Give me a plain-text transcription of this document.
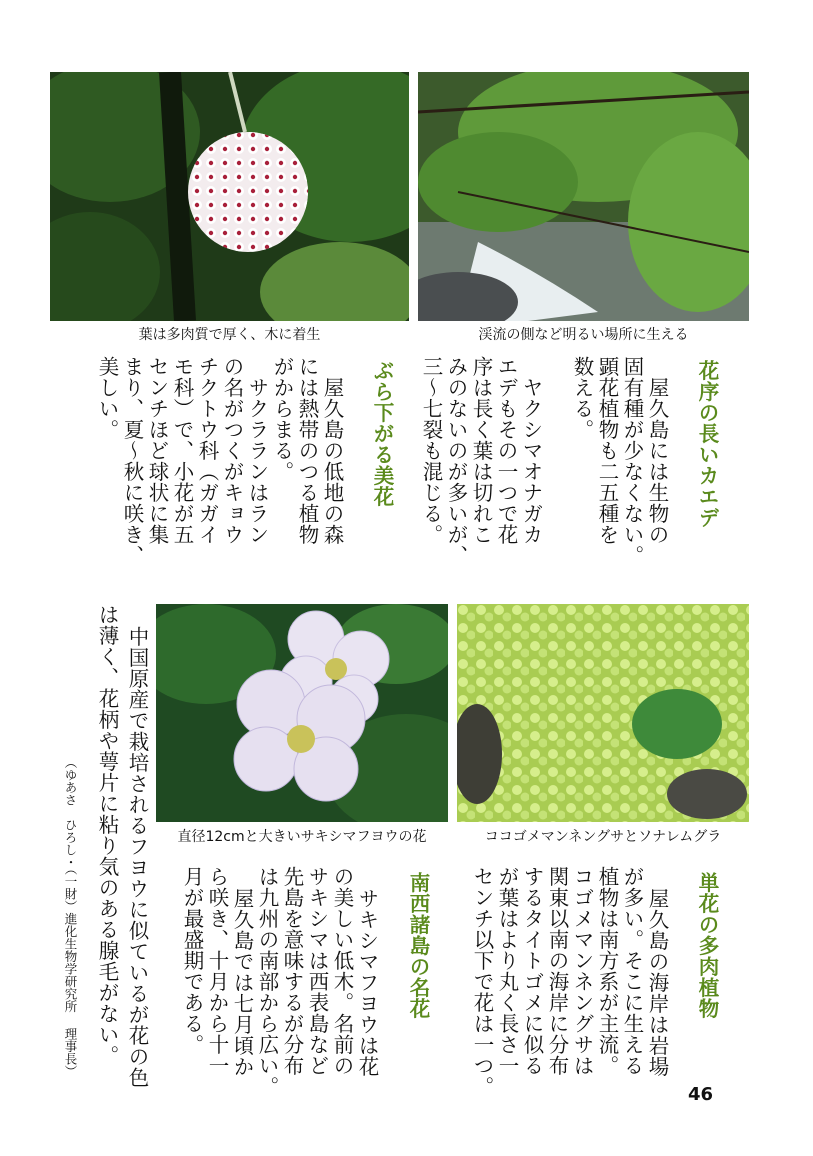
葉は多肉質で厚く、木に着生	渓流の側など明るい場所に生える
花序の長いカエデ
屋久島には生物の
固有種が少なくない。
顕花植物も二五種を
数える。
ヤクシマオナガカ
エデもその一つで花
序は長く葉は切れこ
みのないのが多いが、
三〜七裂も混じる。
ぶら下がる美花
屋久島の低地の森
には熱帯のつる植物
がからまる。
サクラランはラン
の名がつくがキョウ
チクトウ科（ガガイ
モ科）で、小花が五
センチほど球状に集
まり、夏〜秋に咲き、
美しい。
直径12cmと大きいサキシマフヨウの花	ココゴメマンネングサとソナレムグラ
単花の多肉植物
屋久島の海岸は岩場
が多い。そこに生える
植物は南方系が主流。
コゴメマンネングサは
関東以南の海岸に分布
するタイトゴメに似る
が葉はより丸く長さ一
センチ以下で花は一つ。
南西諸島の名花
サキシマフヨウは花
の美しい低木。名前の
サキシマは西表島など
先島を意味するが分布
は九州の南部から広い。
屋久島では七月頃か
ら咲き、十月から十一
月が最盛期である。
中国原産で栽培されるフヨウに似ているが花の色
は薄く、花柄や萼片に粘り気のある腺毛がない。
（ゆあさ　ひろし・（一財）進化生物学研究所 理事長）
46
